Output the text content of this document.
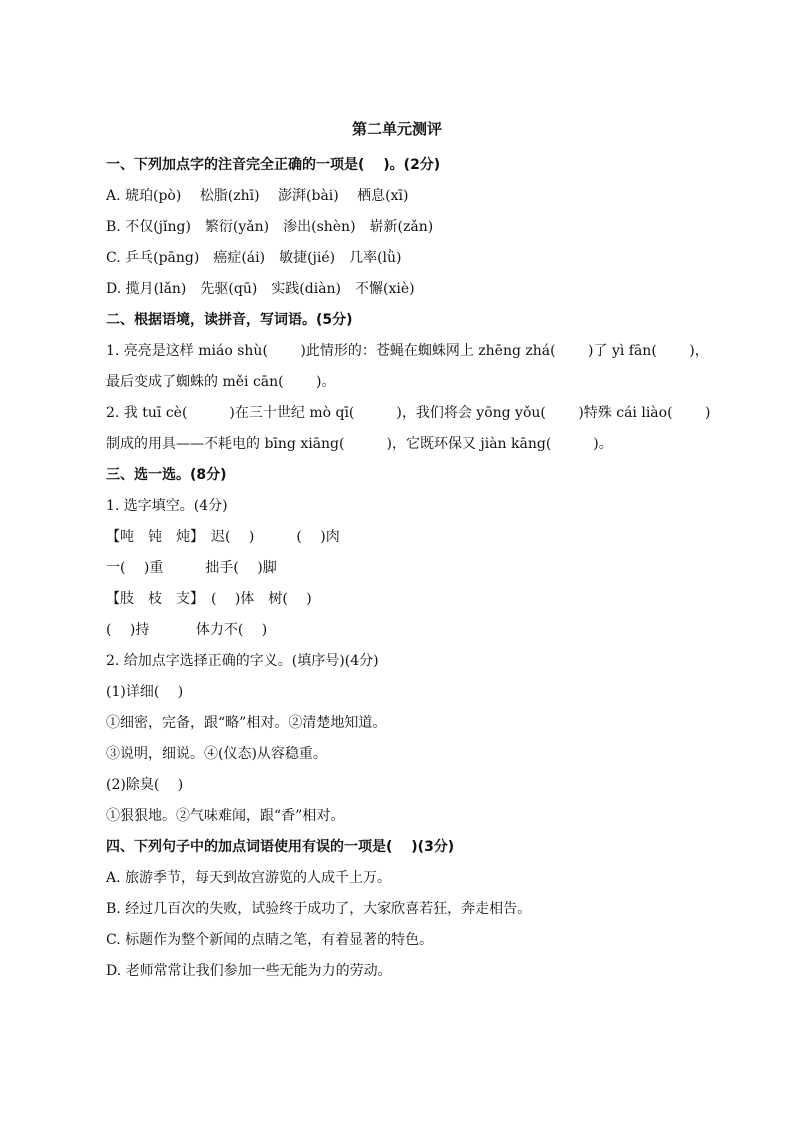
第二单元测评
一、下列加点字的注音完全正确的一项是(　 )。(2分)
A. 琥珀(pò)　 松脂(zhī)　 澎湃(bài)　 栖息(xī)
B. 不仅(jǐng)　繁衍(yǎn)　渗出(shèn)　崭新(zǎn)
C. 乒乓(pāng)　癌症(ái)　敏捷(jié)　几率(lǜ)
D. 揽月(lǎn)　先驱(qū)　实践(diàn)　不懈(xiè)
二、根据语境，读拼音，写词语。(5分)
1. 亮亮是这样 miáo shù(　　 )此情形的：苍蝇在蜘蛛网上 zhēng zhá(　　 )了 yì fān(　　 )，最后变成了蜘蛛的 měi cān(　　 )。
2. 我 tuī cè(　　　)在三十世纪 mò qī(　　　)，我们将会 yōng yǒu(　　 )特殊 cái liào(　　 )制成的用具——不耗电的 bīng xiāng(　　　)，它既环保又 jiàn kāng(　　　)。
三、选一选。(8分)
1. 选字填空。(4分)
【吨　钝　炖】　迟(　 )　　　(　 )肉
一(　 )重　　　拙手(　 )脚
【肢　枝　支】　(　 )体　树(　 )
(　 )持　　　 体力不(　 )
2. 给加点字选择正确的字义。(填序号)(4分)
(1)详细(　 )
①细密，完备，跟“略”相对。②清楚地知道。
③说明，细说。④(仪态)从容稳重。
(2)除臭(　 )
①狠狠地。②气味难闻，跟“香”相对。
四、下列句子中的加点词语使用有误的一项是(　 )(3分)
A. 旅游季节，每天到故宫游览的人成千上万。
B. 经过几百次的失败，试验终于成功了，大家欣喜若狂，奔走相告。
C. 标题作为整个新闻的点睛之笔，有着显著的特色。
D. 老师常常让我们参加一些无能为力的劳动。
